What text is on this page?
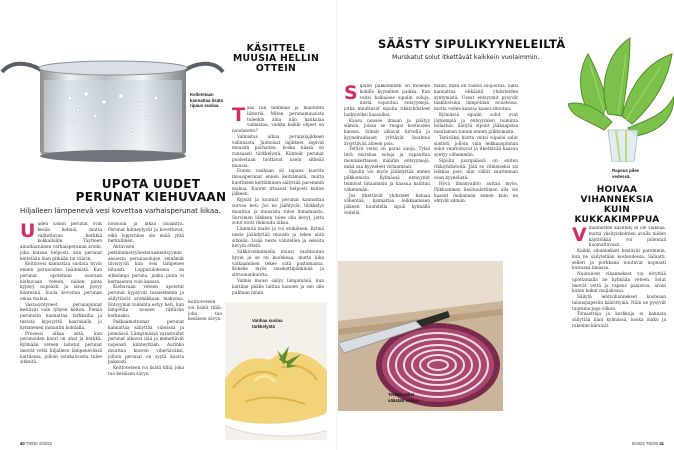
Kellotetaan kannattaa lisätä ripaus suolaa.
UPOTA UUDET
PERUNAT KIEHUVAAN
Hiljalleen lämpenevä vesi kovettaa varhaisperunat liikaa.
U uden sadon perunat ovat kesän helmiä, mutta valitettavan herkkiä kokkailuille. Täytteen ainutlaatuinen varhaisperunan aromi, joka katoaa helposti, kun perunat keitetään liian pitkään tai väärin.

Keitinvesi kannattaa suolata hyvin ennen perunoiden lisäämistä. Kun perunat upotetaan suoraan kiehuvaan veteen, niiden pinta kypsyy nopeasti ja sisus pysyy kiinteänä. Suola korostaa perunan omaa makua.

Vastasyntyneet perunapinnat kestävät vain lyhyen keiton. Pieniä perunoita kannattaa tarkkailla ja testata kypsyyttä haarukalla jo kymmenen minuutin kohdalla.

Prosessi alkaa siitä, kun perunoiden kuori on ohut ja herkkä. Kylmään veteen laitetut perunat imevät vettä hiljalleen lämpenevässä kattilassa, jolloin solukalvoista tulee sitkeitä.

nousuun ja alkaa lisääntyä. Perunat kiinteytyvät ja kovettuvat, eikä lopputulos ole enää yhtä herkullinen.

Aktiivisen pektiinimetyyliesteraasientsyymin ansiosta perunasolujen seinämät tiivistyvät kun vesi lämpenee hitaasti. Lopputuloksena on sitkeämpi peruna, jonka pinta ei kermaannu voin kanssa.

Kiehuvaan veteen upotetut perunat kypsyvät tasaisemmin ja säilyttävät aromikkaan makunsa. Entsyymin toiminta estyy heti, kun lämpötila nousee riittävän korkeaksi.

Pakkaamattomat perunat kannattaa säilyttää viileässä ja pimeässä. Lämpimässä varastoidut perunat alkavat itää ja menettävät nopeasti kiinteyttään. Aurinko muuttaa kuoren vihertäväksi, jolloin perunat on syytä kuoria paksusti.

Keittoveteen voi lisätä tilliä, joka tuo kesäisen sävyn.

Keittoveteen voi lisätä tilliä, joka tuo kesäisen sävyn.

KÄSITTELE
MUUSIA HELLIN
OTTEIN
T aas tuli tahmeaa ja mautonta liisteriä. Miten perunamuusista tuleekin aina niin hankalaa valmistaa, vaikka kaikki ohjeet on noudatettu?

Valmistus alkaa perunalajikkeen valinnasta. Jauhoisat lajikkeet sopivat muusiin parhaiten, koska niissä on runsaasti tärkkelystä. Kiinteät perunat puolestaan tuottavat usein sitkeää muusia.

Ennen vanhaan oli tapana kuorita muusiperunat ennen keittämistä, mutta kuorineen keittäminen säilyttää paremmin makua. Kuoret irtoavat helposti keiton jälkeen.

Kypsät ja kuumat perunat kannattaa survoa heti. Jos ne jäähtyvät, tärkkelys muuttuu ja muusista tulee liimamaista. Survimen liikkeen tulee olla kevyt, jotta solut eivät rikkoudu liikaa.

Lämmitä maito ja voi etukäteen. Kylmä neste jäähdyttää muusin ja tekee siitä sitkeän. Lisää neste vähitellen ja sekoita kevyin ottein.

Sähkövatkaimella muusi vaahtoutuu hyvin ja se on kuohkeaa, mutta liika vatkaaminen tekee siitä pastamaista. Kokeile myös muskottipähkinää ja sitruunankuorta.

Valmis muusi säilyy lämpimänä, kun kattilan päälle laittaa kannen ja sen alle puhtaan liinan.

Vanhaa suolaa tärkkelystä
40 TIEDE 8/2022
SÄÄSTY SIPULIKYYNELEILTÄ
Murskatut solut itkettävät kaikkein vuolaimmin.
S ipulin pilkkominen on monelle kokille kyynelten paikka. Kun veitsi halkaisee sipulin soluja, niistä vapautuu entsyymejä, jotka muuttavat sipulin rikkiyhdisteet haihtuviksi kaasuiksi.

Kaasu nousee ilmaan ja päätyy silmiin, joissa se reagoi kosteuden kanssa. Silmät alkavat kirvellä ja kyynelrauhaset yrittävät huuhtoa ärsyttävän aineen pois.

Terävä veitsi on paras suoja. Tylsä terä murskaa soluja ja vapauttaa moninkertaisen määrän entsyymejä, mikä saa kyyneleet virtaamaan.

Sipulin voi myös jäähdyttää ennen pilkkomista. Kylmässä entsyymit toimivat hitaammin ja kaasua haihtuu vähemmän.

Jos itkettävät yhdisteet haluaa vähentää, kannattaa leikkaamisen jälkeen huuhdella sipuli kylmällä vedellä.

maan, mikä on vaikea suojautua. Siksi kannattaa ehkäistä yhdisteiden syntymistä. Useat entsyymit pysyvät inaktiivisina lämpötilan noustessa, mutta veden kanssa kaasu sitoutuu.

Kylmässä sipulin solut ovat jäykempiä ja entsyymien toiminta hidastuu. Säilytä sipulit jääkaapissa muutaman tunnin ennen pilkkomista.

Teräväksi hiottu veitsi viipaloi solut siististi, jolloin vain leikkauspinnan solut vaurioituvat ja itkettävää kaasua syntyy vähemmän.

Sipulin juuripäässä on eniten rikkiyhdisteitä. Jätä se viimeiseksi tai leikkaa pois, niin vältät suurimman osan kyynelistä.

Hyvä ilmanvaihto auttaa myös. Pilkkominen liesituulettimen alla vie kaasut mukanaan ennen kuin ne ehtivät silmiin.

Terävä veitsi säästää soluja.
Rapeus pilee vedessä.
HOIVAA
VIHANNEKSIA KUIN
KUKKAKIMPPUA
V ihannesten käsittely ei ole vaikeaa, mutta yksityiskohtien avulla niiden käyttöikää voi pidentää huomattavasti.

Kaikki vihannekset kestävät paremmin, kun ne säilytetään kosteudessa. Salaatti, selleri ja porkkana nuutuvat nopeasti kuivassa ilmassa.

Nuutuneet vihannekset voi elvyttää upottamalla ne kylmään veteen. Solut imevät vettä ja rapeus palautuu, aivan kuten kukat maljakossa.

Säilytä lehtivihannekset kosteaan talouspaperiin käärittyinä. Näin ne pysyvät tuoreina jopa viikon.

Tomaatteja ja kurkkuja ei kannata säilyttää liian kylmässä, koska maku ja rakenne kärsivät.

8/2022 TIEDE 41
